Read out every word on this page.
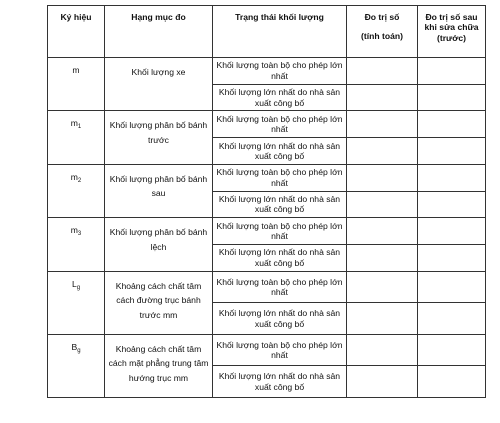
Ký hiệu	Hạng mục đo	Trạng thái khối lượng	Đo trị số
(tính toán)	Đo trị số sau khi sửa chữa (trước)
m	Khối lượng xe	Khối lượng toàn bộ cho phép lớn nhất		
		Khối lượng lớn nhất do nhà sản xuất công bố		
$m_1$	Khối lượng phân bố bánh trước	Khối lượng toàn bộ cho phép lớn nhất		
		Khối lượng lớn nhất do nhà sản xuất công bố		
$m_2$	Khối lượng phân bố bánh sau	Khối lượng toàn bộ cho phép lớn nhất		
		Khối lượng lớn nhất do nhà sản xuất công bố		
$m_3$	Khối lượng phân bố bánh lệch	Khối lượng toàn bộ cho phép lớn nhất		
		Khối lượng lớn nhất do nhà sản xuất công bố		
$L_g$	Khoảng cách chất tâm cách đường trục bánh trước mm	Khối lượng toàn bộ cho phép lớn nhất		
		Khối lượng lớn nhất do nhà sản xuất công bố		
$B_g$	Khoảng cách chất tâm cách mặt phẳng trung tâm hướng trục mm	Khối lượng toàn bộ cho phép lớn nhất		
		Khối lượng lớn nhất do nhà sản xuất công bố		
